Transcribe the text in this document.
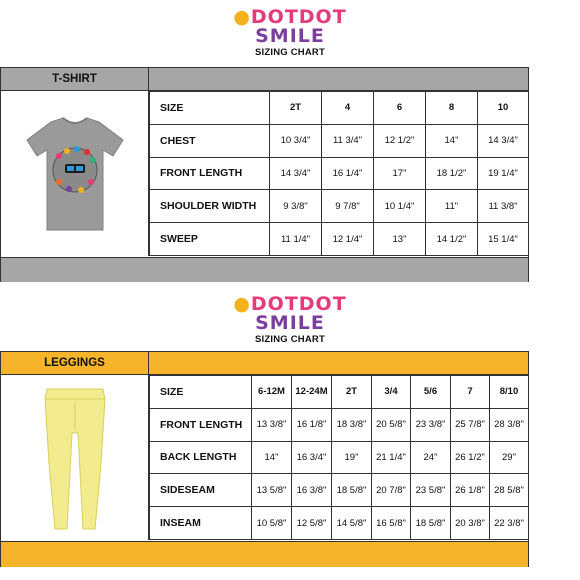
●DOTDOT
SMILE
SIZING CHART
T-SHIRT
SIZE	2T	4	6	8	10
CHEST	10 3/4"	11 3/4"	12 1/2"	14"	14 3/4"
FRONT LENGTH	14 3/4"	16 1/4"	17"	18 1/2"	19 1/4"
SHOULDER WIDTH	9 3/8"	9 7/8"	10 1/4"	11"	11 3/8"
SWEEP	11 1/4"	12 1/4"	13"	14 1/2"	15 1/4"
●DOTDOT
SMILE
SIZING CHART
LEGGINGS
SIZE	6-12M	12-24M	2T	3/4	5/6	7	8/10
FRONT LENGTH	13 3/8"	16 1/8"	18 3/8"	20 5/8"	23 3/8"	25 7/8"	28 3/8"
BACK LENGTH	14"	16 3/4"	19"	21 1/4"	24"	26 1/2"	29"
SIDESEAM	13 5/8"	16 3/8"	18 5/8"	20 7/8"	23 5/8"	26 1/8"	28 5/8"
INSEAM	10 5/8"	12 5/8"	14 5/8"	16 5/8"	18 5/8"	20 3/8"	22 3/8"
